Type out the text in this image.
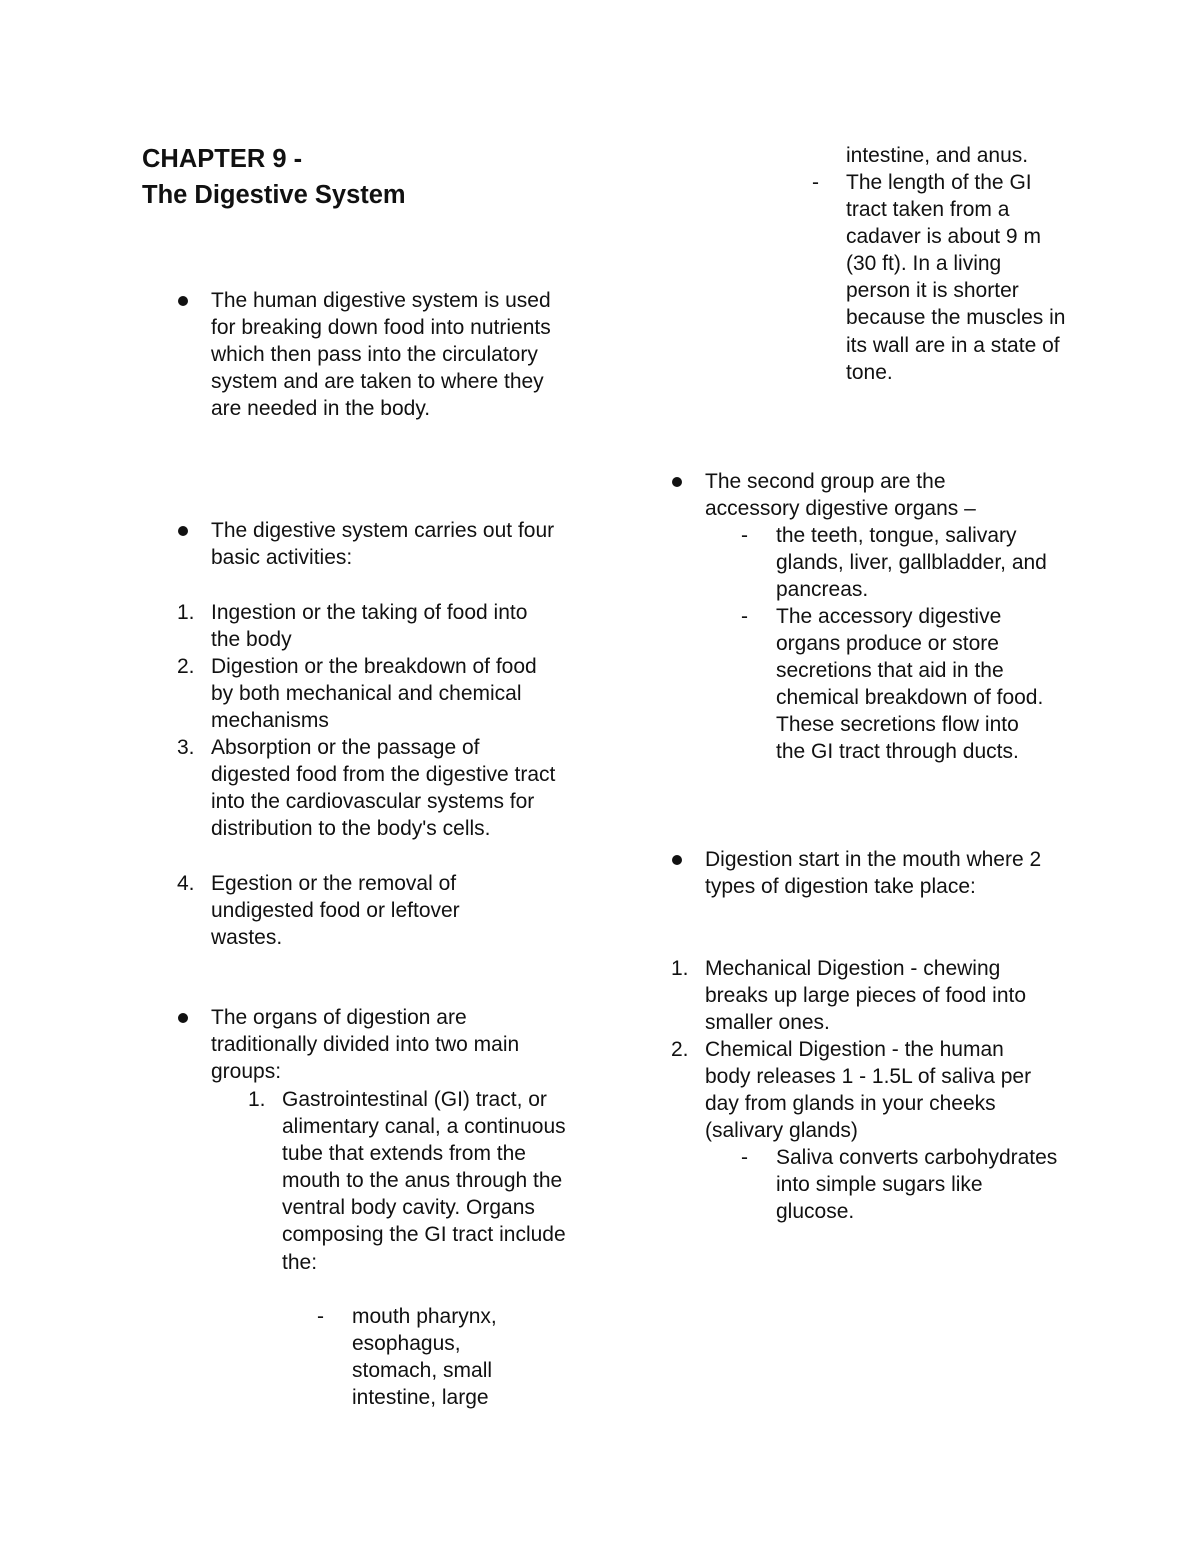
CHAPTER 9 -
The Digestive System

The human digestive system is used for breaking down food into nutrients which then pass into the circulatory system and are taken to where they are needed in the body.

The digestive system carries out four basic activities:

1. Ingestion or the taking of food into the body

2. Digestion or the breakdown of food by both mechanical and chemical mechanisms

3. Absorption or the passage of digested food from the digestive tract into the cardiovascular systems for distribution to the body's cells.

4. Egestion or the removal of undigested food or leftover wastes.

The organs of digestion are traditionally divided into two main groups:

1. Gastrointestinal (GI) tract, or alimentary canal, a continuous tube that extends from the mouth to the anus through the ventral body cavity. Organs composing the GI tract include the:

- mouth pharynx, esophagus, stomach, small intestine, large

intestine, and anus.

- The length of the GI tract taken from a cadaver is about 9 m (30 ft). In a living person it is shorter because the muscles in its wall are in a state of tone.

The second group are the accessory digestive organs –

- the teeth, tongue, salivary glands, liver, gallbladder, and pancreas.

- The accessory digestive organs produce or store secretions that aid in the chemical breakdown of food. These secretions flow into the GI tract through ducts.

Digestion start in the mouth where 2 types of digestion take place:

1. Mechanical Digestion - chewing breaks up large pieces of food into smaller ones.

2. Chemical Digestion - the human body releases 1 - 1.5L of saliva per day from glands in your cheeks (salivary glands)

- Saliva converts carbohydrates into simple sugars like glucose.
